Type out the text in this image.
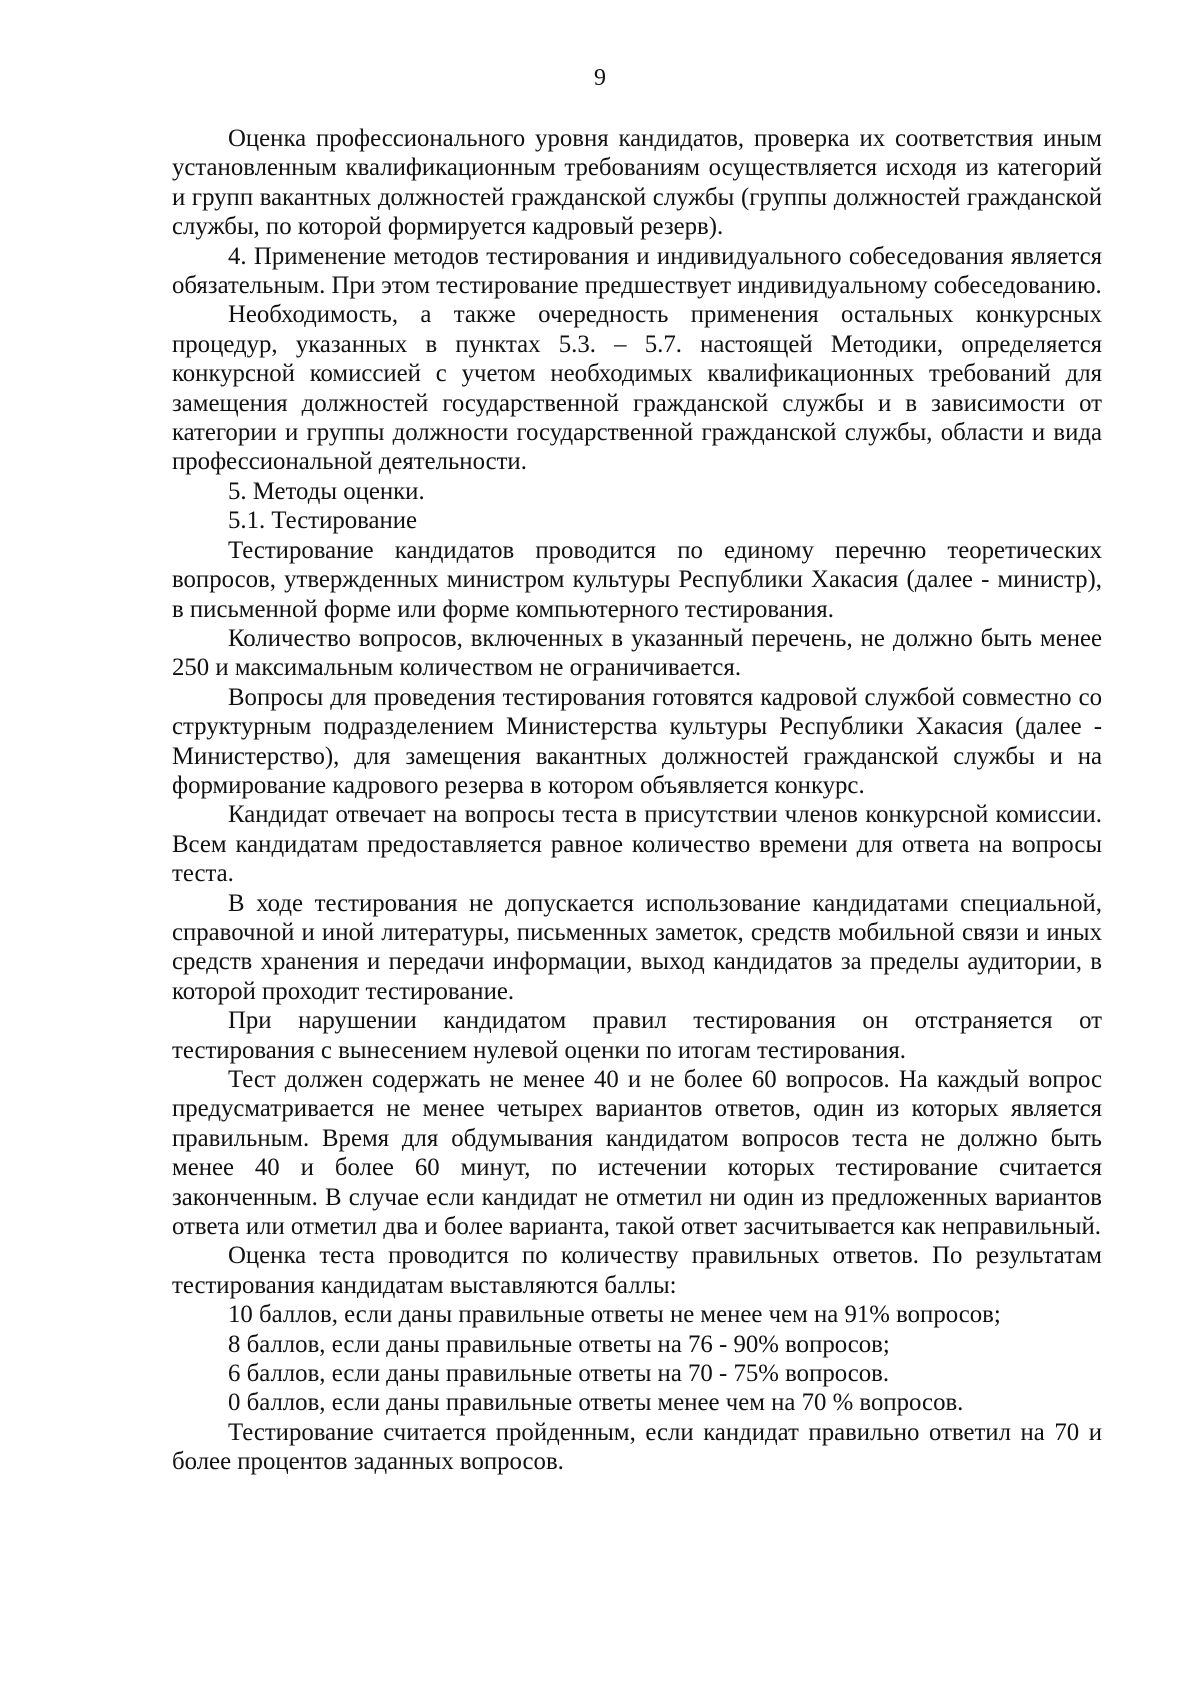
9

Оценка профессионального уровня кандидатов, проверка их соответствия иным установленным квалификационным требованиям осуществляется исходя из категорий и групп вакантных должностей гражданской службы (группы должностей гражданской службы, по которой формируется кадровый резерв).

4. Применение методов тестирования и индивидуального собеседования является обязательным. При этом тестирование предшествует индивидуальному собеседованию.

Необходимость, а также очередность применения остальных конкурсных процедур, указанных в пунктах 5.3. – 5.7. настоящей Методики, определяется конкурсной комиссией с учетом необходимых квалификационных требований для замещения должностей государственной гражданской службы и в зависимости от категории и группы должности государственной гражданской службы, области и вида профессиональной деятельности.

5. Методы оценки.

5.1. Тестирование

Тестирование кандидатов проводится по единому перечню теоретических вопросов, утвержденных министром культуры Республики Хакасия (далее - министр), в письменной форме или форме компьютерного тестирования.

Количество вопросов, включенных в указанный перечень, не должно быть менее 250 и максимальным количеством не ограничивается.

Вопросы для проведения тестирования готовятся кадровой службой совместно со структурным подразделением Министерства культуры Республики Хакасия (далее - Министерство), для замещения вакантных должностей гражданской службы и на формирование кадрового резерва в котором объявляется конкурс.

Кандидат отвечает на вопросы теста в присутствии членов конкурсной комиссии. Всем кандидатам предоставляется равное количество времени для ответа на вопросы теста.

В ходе тестирования не допускается использование кандидатами специальной, справочной и иной литературы, письменных заметок, средств мобильной связи и иных средств хранения и передачи информации, выход кандидатов за пределы аудитории, в которой проходит тестирование.

При нарушении кандидатом правил тестирования он отстраняется от тестирования с вынесением нулевой оценки по итогам тестирования.

Тест должен содержать не менее 40 и не более 60 вопросов. На каждый вопрос предусматривается не менее четырех вариантов ответов, один из которых является правильным. Время для обдумывания кандидатом вопросов теста не должно быть менее 40 и более 60 минут, по истечении которых тестирование считается законченным. В случае если кандидат не отметил ни один из предложенных вариантов ответа или отметил два и более варианта, такой ответ засчитывается как неправильный.

Оценка теста проводится по количеству правильных ответов. По результатам тестирования кандидатам выставляются баллы:

10 баллов, если даны правильные ответы не менее чем на 91% вопросов;

8 баллов, если даны правильные ответы на 76 - 90% вопросов;

6 баллов, если даны правильные ответы на 70 - 75% вопросов.

0 баллов, если даны правильные ответы менее чем на 70 % вопросов.

Тестирование считается пройденным, если кандидат правильно ответил на 70 и более процентов заданных вопросов.
